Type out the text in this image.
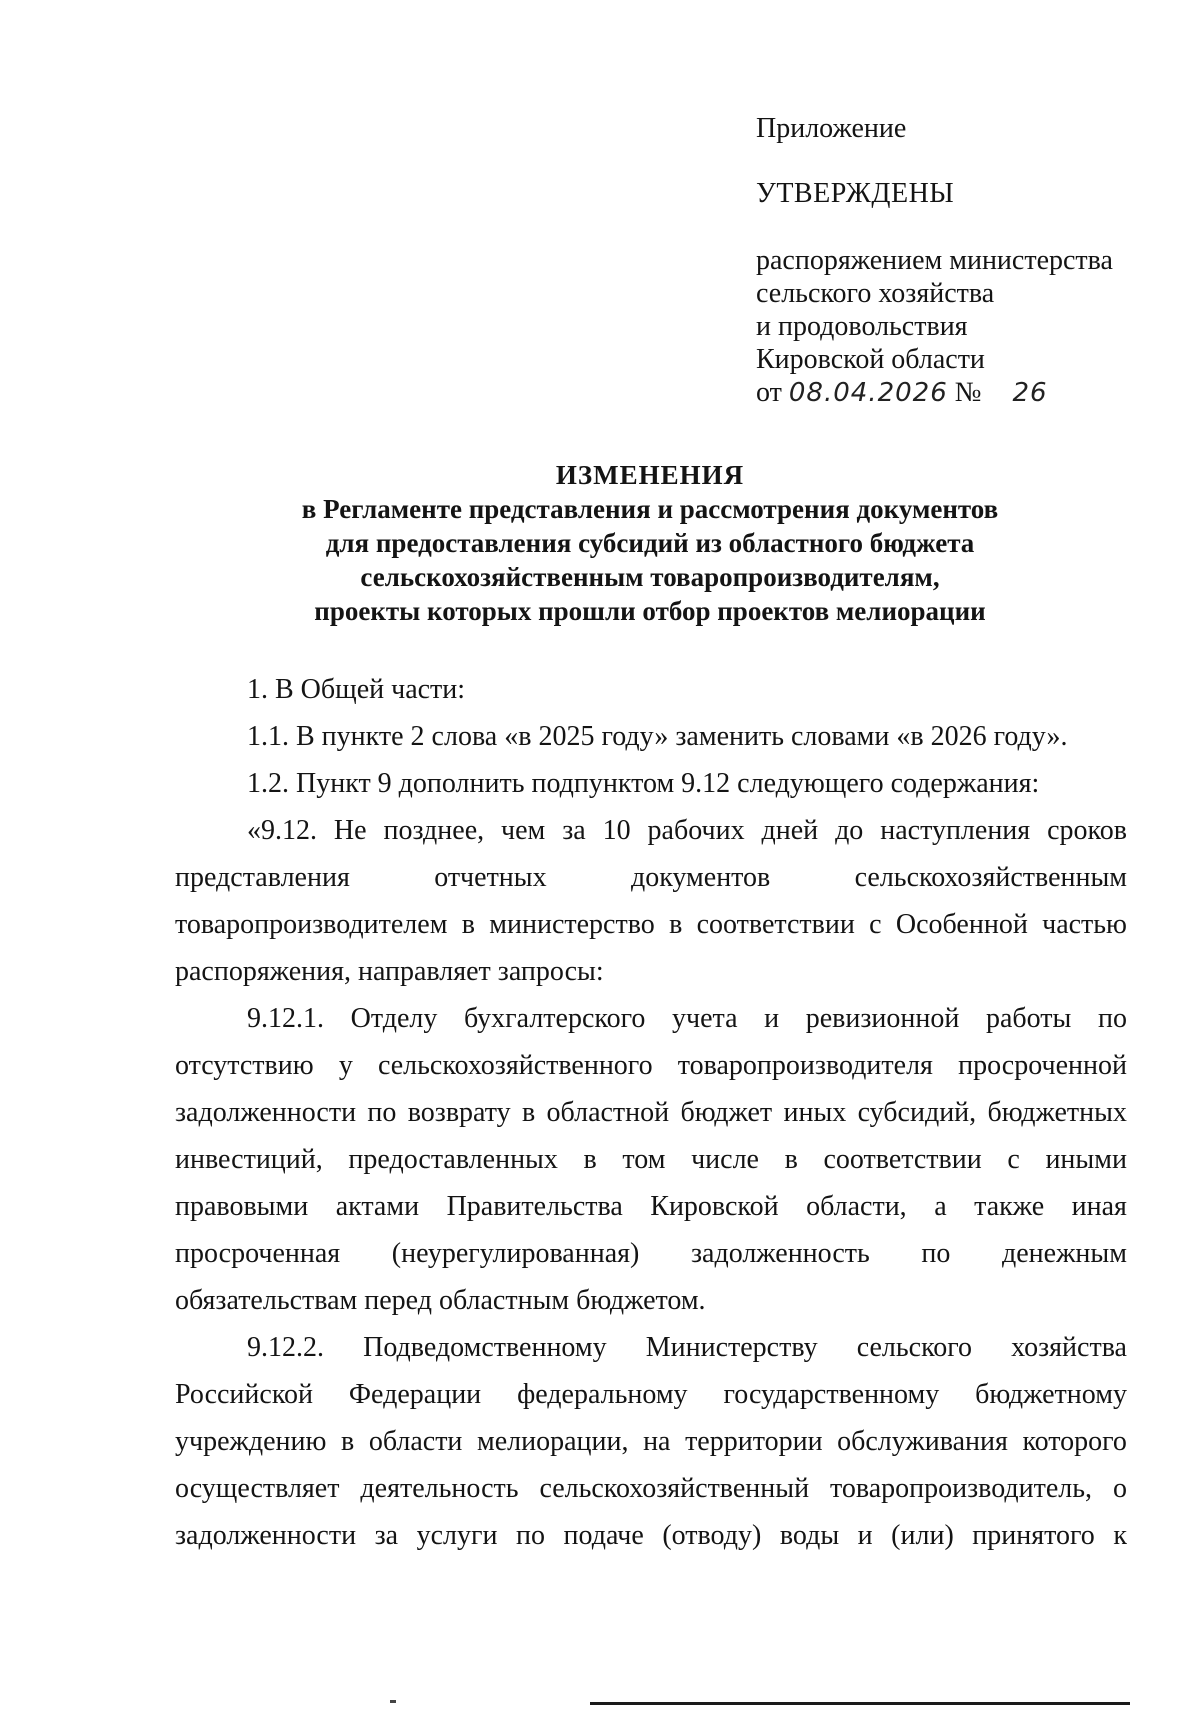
Приложение
УТВЕРЖДЕНЫ
распоряжением министерства
сельского хозяйства
и продовольствия
Кировской области
от 08.04.2026 № 26
ИЗМЕНЕНИЯ
в Регламенте представления и рассмотрения документов
для предоставления субсидий из областного бюджета
сельскохозяйственным товаропроизводителям,
проекты которых прошли отбор проектов мелиорации
1. В Общей части:
1.1. В пункте 2 слова «в 2025 году» заменить словами «в 2026 году».
1.2. Пункт 9 дополнить подпунктом 9.12 следующего содержания:
«9.12. Не позднее, чем за 10 рабочих дней до наступления сроков
представления	отчетных	документов	сельскохозяйственным
товаропроизводителем в министерство в соответствии с Особенной частью
распоряжения, направляет запросы:
9.12.1. Отделу бухгалтерского учета и ревизионной работы по
отсутствию у сельскохозяйственного товаропроизводителя просроченной
задолженности по возврату в областной бюджет иных субсидий, бюджетных
инвестиций, предоставленных в том числе в соответствии с иными
правовыми актами Правительства Кировской области, а также иная
просроченная (неурегулированная) задолженность по денежным
обязательствам перед областным бюджетом.
9.12.2. Подведомственному Министерству сельского хозяйства
Российской Федерации федеральному государственному бюджетному
учреждению в области мелиорации, на территории обслуживания которого
осуществляет деятельность сельскохозяйственный товаропроизводитель, о
задолженности за услуги по подаче (отводу) воды и (или) принятого к
